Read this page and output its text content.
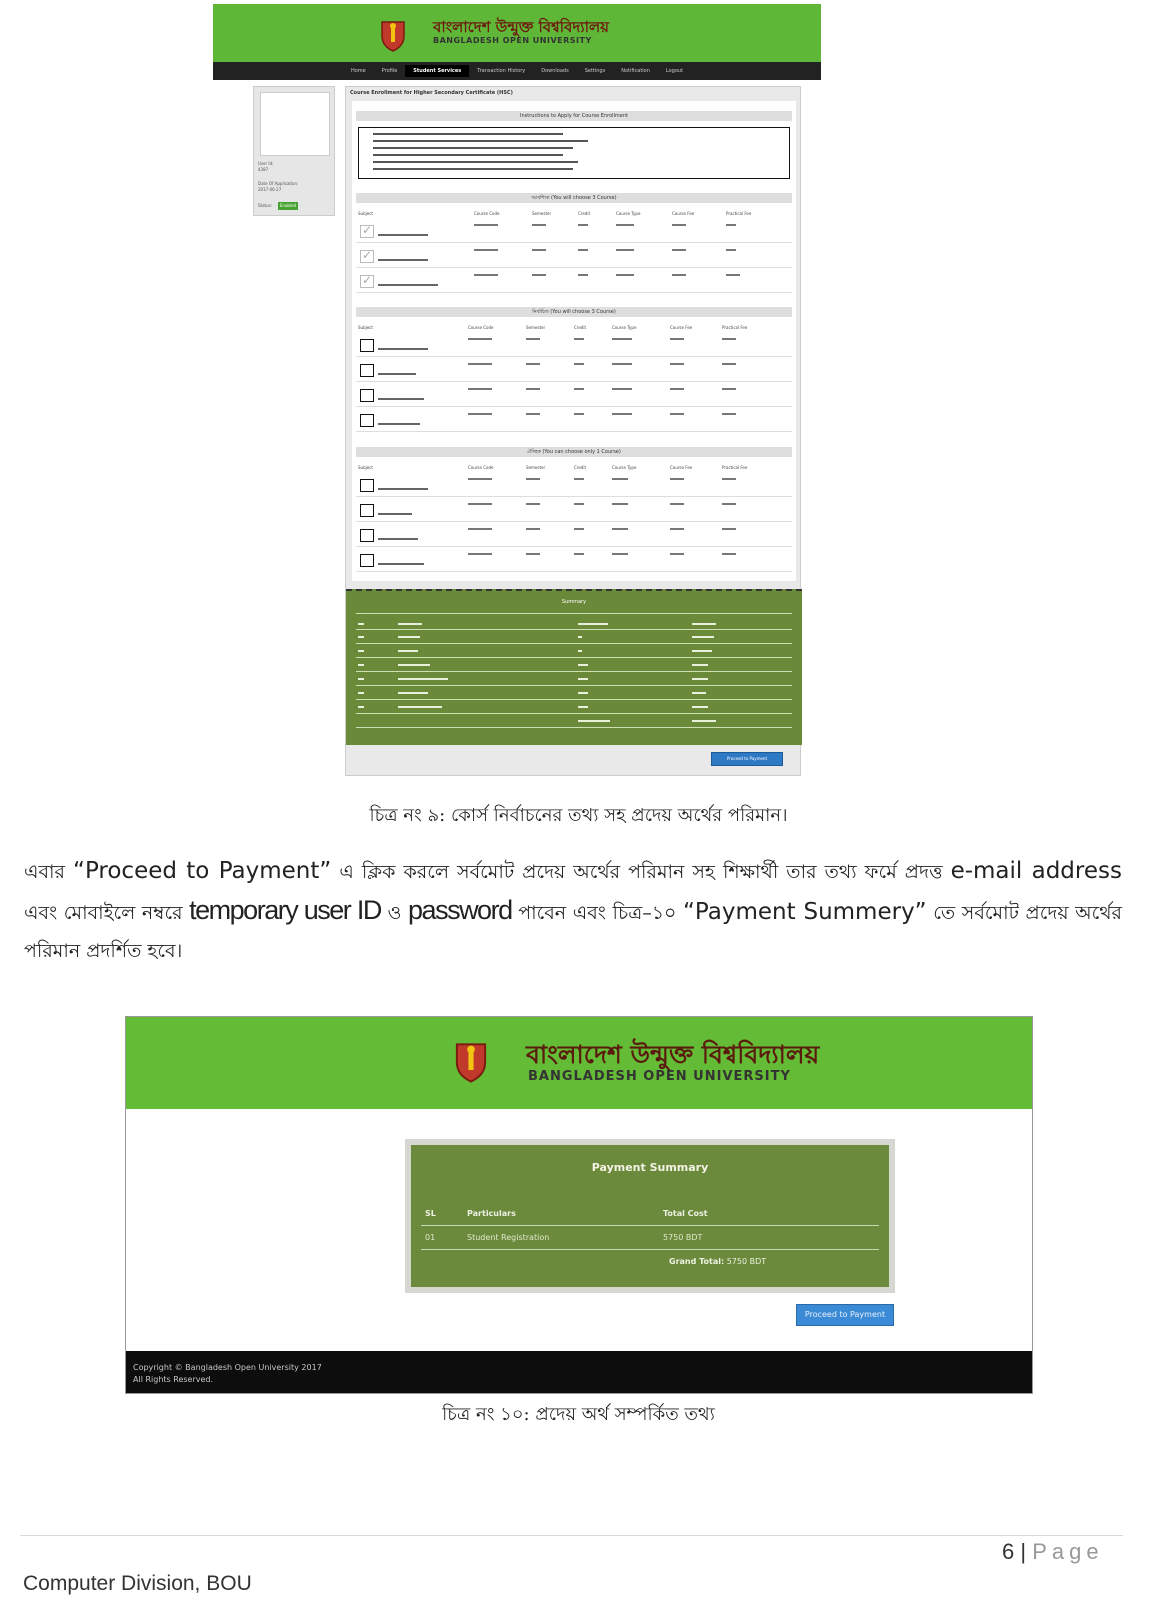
বাংলাদেশ উন্মুক্ত বিশ্ববিদ্যালয়
BANGLADESH OPEN UNIVERSITY
Home	Profile	Student Services	Transaction History	Downloads	Settings	Notification	Logout
User Id:
4387
Date Of Application:
2017-06-27
Status:	Enabled
Course Enrollment for Higher Secondary Certificate (HSC)
Instructions to Apply for Course Enrollment
আবশ্যিক (You will choose 3 Course)
Subject	Course Code	Semester	Credit	Course Type	Course Fee	Practical Fee
✓
✓
✓
নির্বাচিত (You will choose 3 Course)
Subject	Course Code	Semester	Credit	Course Type	Course Fee	Practical Fee
ঐচ্ছিক (You can choose only 1 Course)
Subject	Course Code	Semester	Credit	Course Type	Course Fee	Practical Fee
Summary
Proceed to Payment
চিত্র নং ৯: কোর্স নির্বাচনের তথ্য সহ প্রদেয় অর্থের পরিমান।
এবার “Proceed to Payment” এ ক্লিক করলে সর্বমোট প্রদেয় অর্থের পরিমান সহ শিক্ষার্থী তার তথ্য ফর্মে প্রদত্ত e-mail address এবং মোবাইলে নম্বরে temporary user ID ও password পাবেন এবং চিত্র–১০ “Payment Summery” তে সর্বমোট প্রদেয় অর্থের পরিমান প্রদর্শিত হবে।
বাংলাদেশ উন্মুক্ত বিশ্ববিদ্যালয়
BANGLADESH OPEN UNIVERSITY
Payment Summary
SL	Particulars	Total Cost
01	Student Registration	5750 BDT
Grand Total: 5750 BDT
Proceed to Payment
Copyright © Bangladesh Open University 2017
All Rights Reserved.
চিত্র নং ১০: প্রদেয় অর্থ সম্পর্কিত তথ্য
6 | Page
Computer Division, BOU
